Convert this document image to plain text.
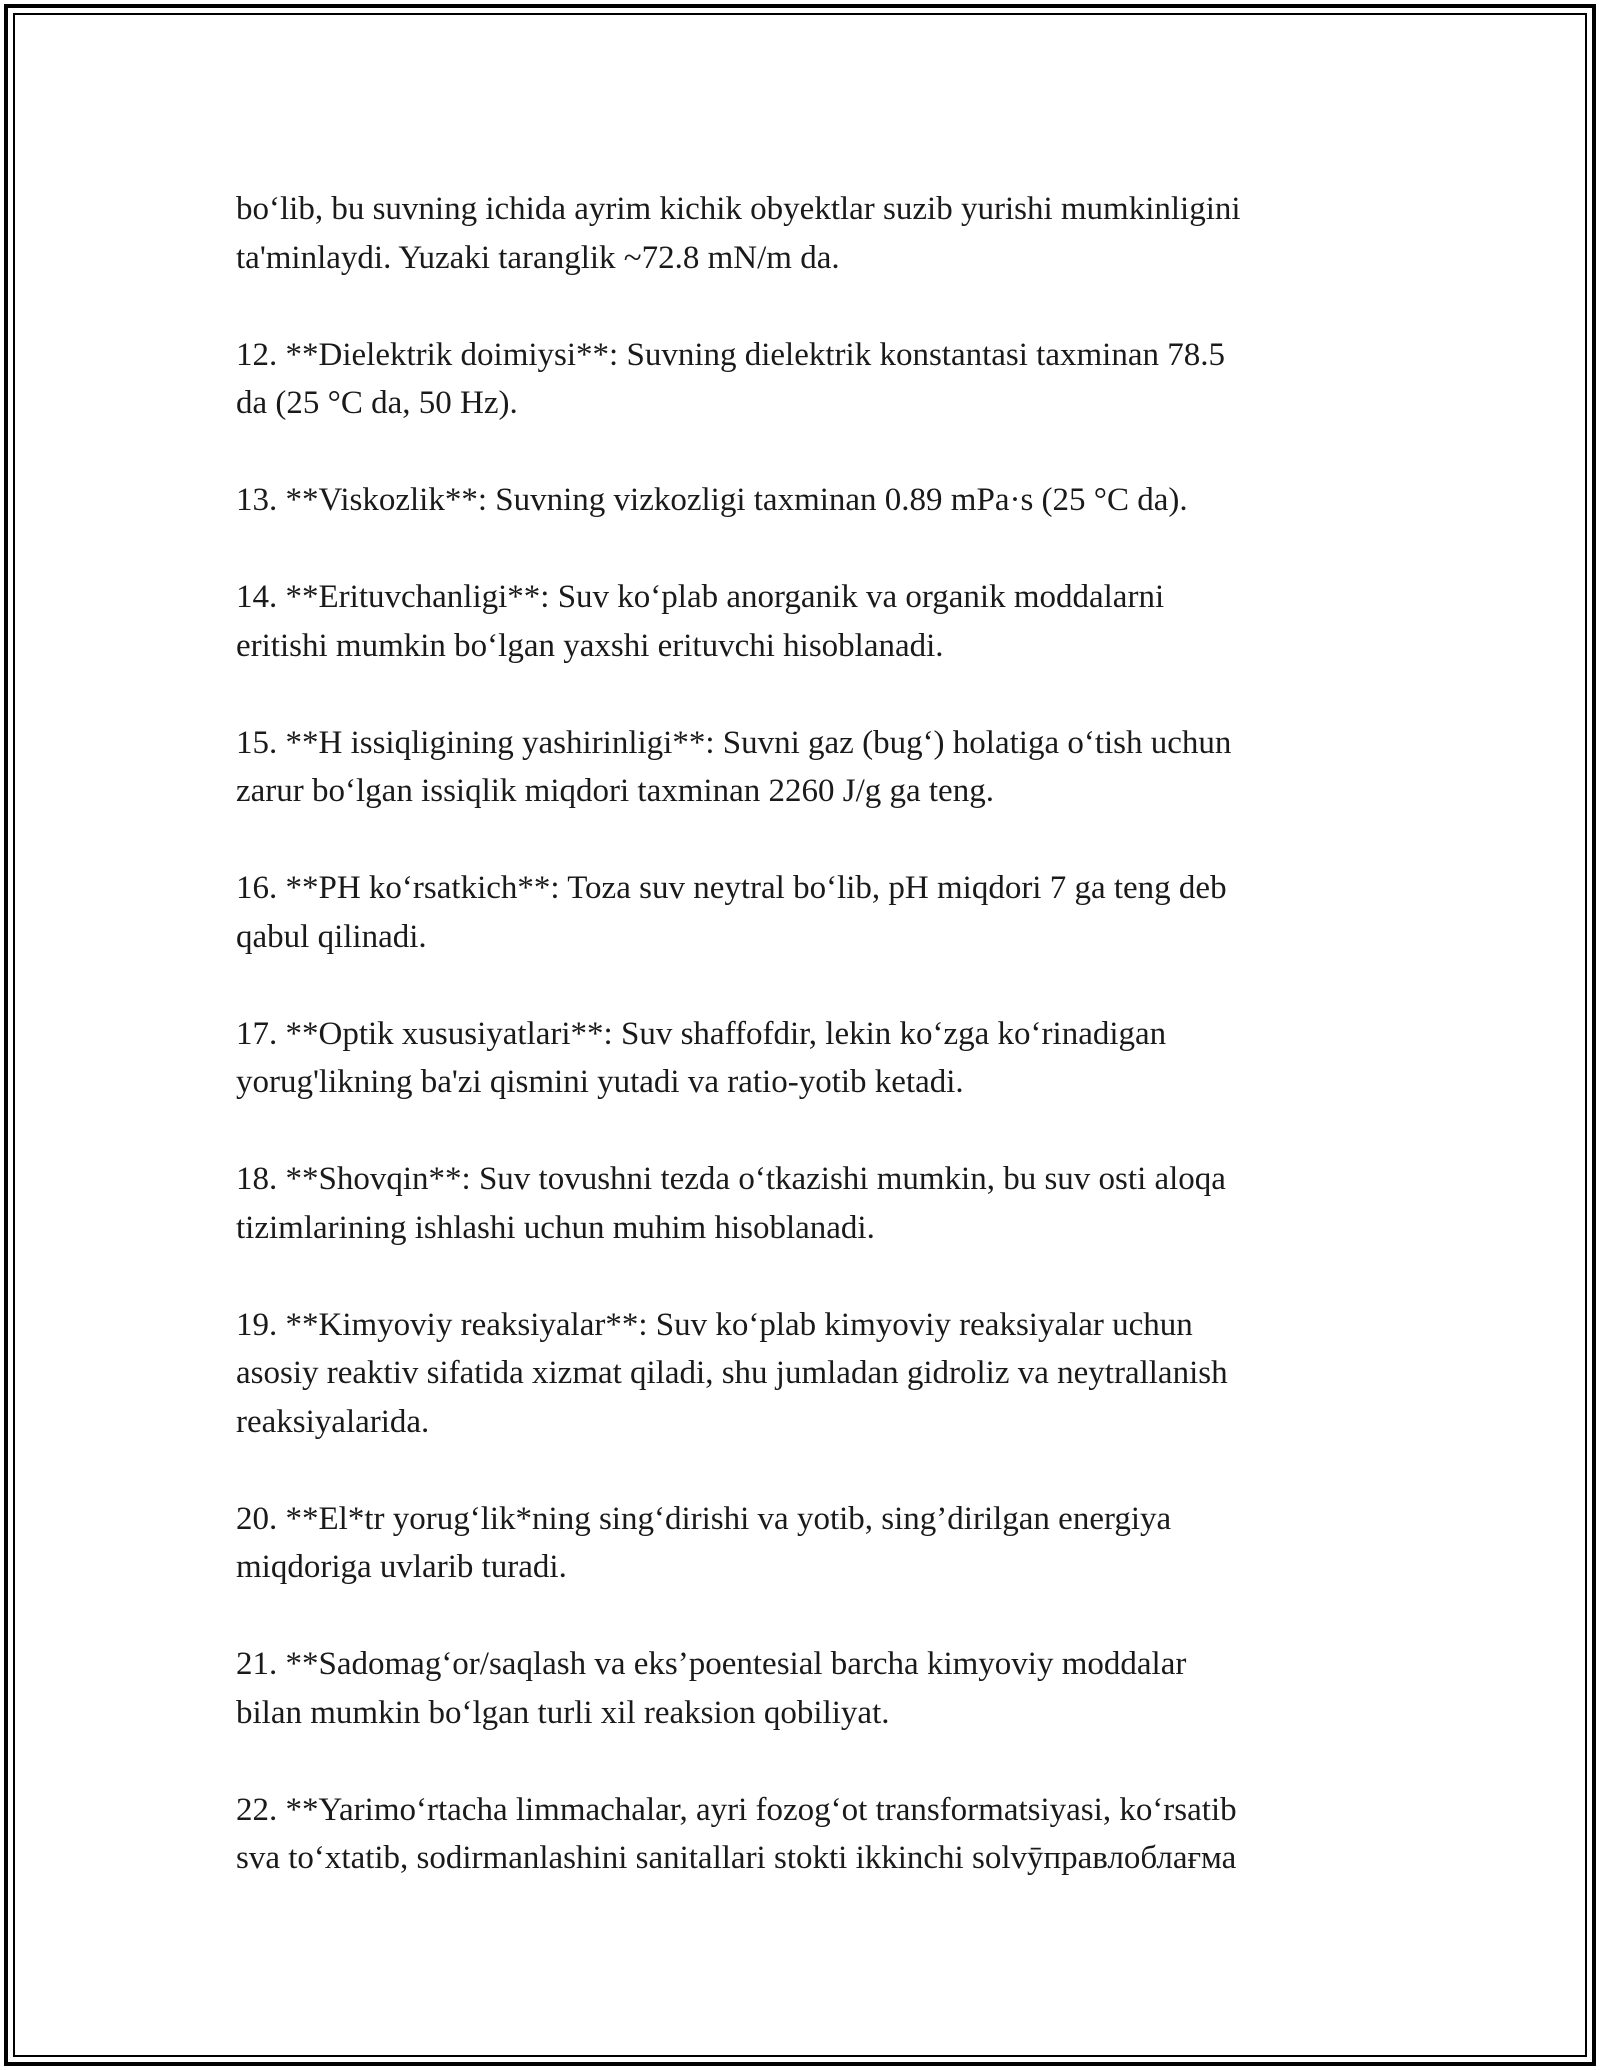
bo‘lib, bu suvning ichida ayrim kichik obyektlar suzib yurishi mumkinligini
ta'minlaydi. Yuzaki taranglik ~72.8 mN/m da.

12. **Dielektrik doimiysi**: Suvning dielektrik konstantasi taxminan 78.5
da (25 °C da, 50 Hz).

13. **Viskozlik**: Suvning vizkozligi taxminan 0.89 mPa·s (25 °C da).

14. **Erituvchanligi**: Suv ko‘plab anorganik va organik moddalarni
eritishi mumkin bo‘lgan yaxshi erituvchi hisoblanadi.

15. **H issiqligining yashirinligi**: Suvni gaz (bug‘) holatiga o‘tish uchun
zarur bo‘lgan issiqlik miqdori taxminan 2260 J/g ga teng.

16. **PH ko‘rsatkich**: Toza suv neytral bo‘lib, pH miqdori 7 ga teng deb
qabul qilinadi.

17. **Optik xususiyatlari**: Suv shaffofdir, lekin ko‘zga ko‘rinadigan
yorug'likning ba'zi qismini yutadi va ratio-yotib ketadi.

18. **Shovqin**: Suv tovushni tezda o‘tkazishi mumkin, bu suv osti aloqa
tizimlarining ishlashi uchun muhim hisoblanadi.

19. **Kimyoviy reaksiyalar**: Suv ko‘plab kimyoviy reaksiyalar uchun
asosiy reaktiv sifatida xizmat qiladi, shu jumladan gidroliz va neytrallanish
reaksiyalarida.

20. **El*tr yorug‘lik*ning sing‘dirishi va yotib, sing’dirilgan energiya
miqdoriga uvlarib turadi.

21. **Sadomag‘or/saqlash va eks’poentesial barcha kimyoviy moddalar
bilan mumkin bo‘lgan turli xil reaksion qobiliyat.

22. **Yarimo‘rtacha limmachalar, ayri fozog‘ot transformatsiyasi, ko‘rsatib
sva to‘xtatib, sodirmanlashini sanitallari stokti ikkinchi solvӯправлоблағма
